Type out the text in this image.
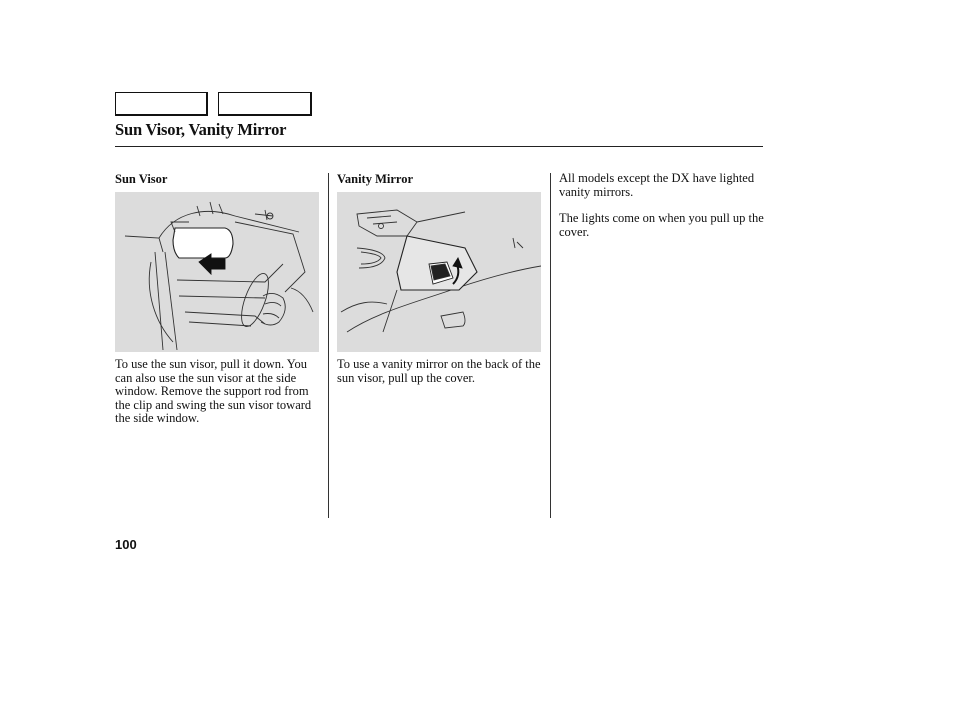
Sun Visor, Vanity Mirror
Sun Visor

To use the sun visor, pull it down. You can also use the sun visor at the side window. Remove the support rod from the clip and swing the sun visor toward the side window.

Vanity Mirror

To use a vanity mirror on the back of the sun visor, pull up the cover.

All models except the DX have lighted vanity mirrors.

The lights come on when you pull up the cover.

100
